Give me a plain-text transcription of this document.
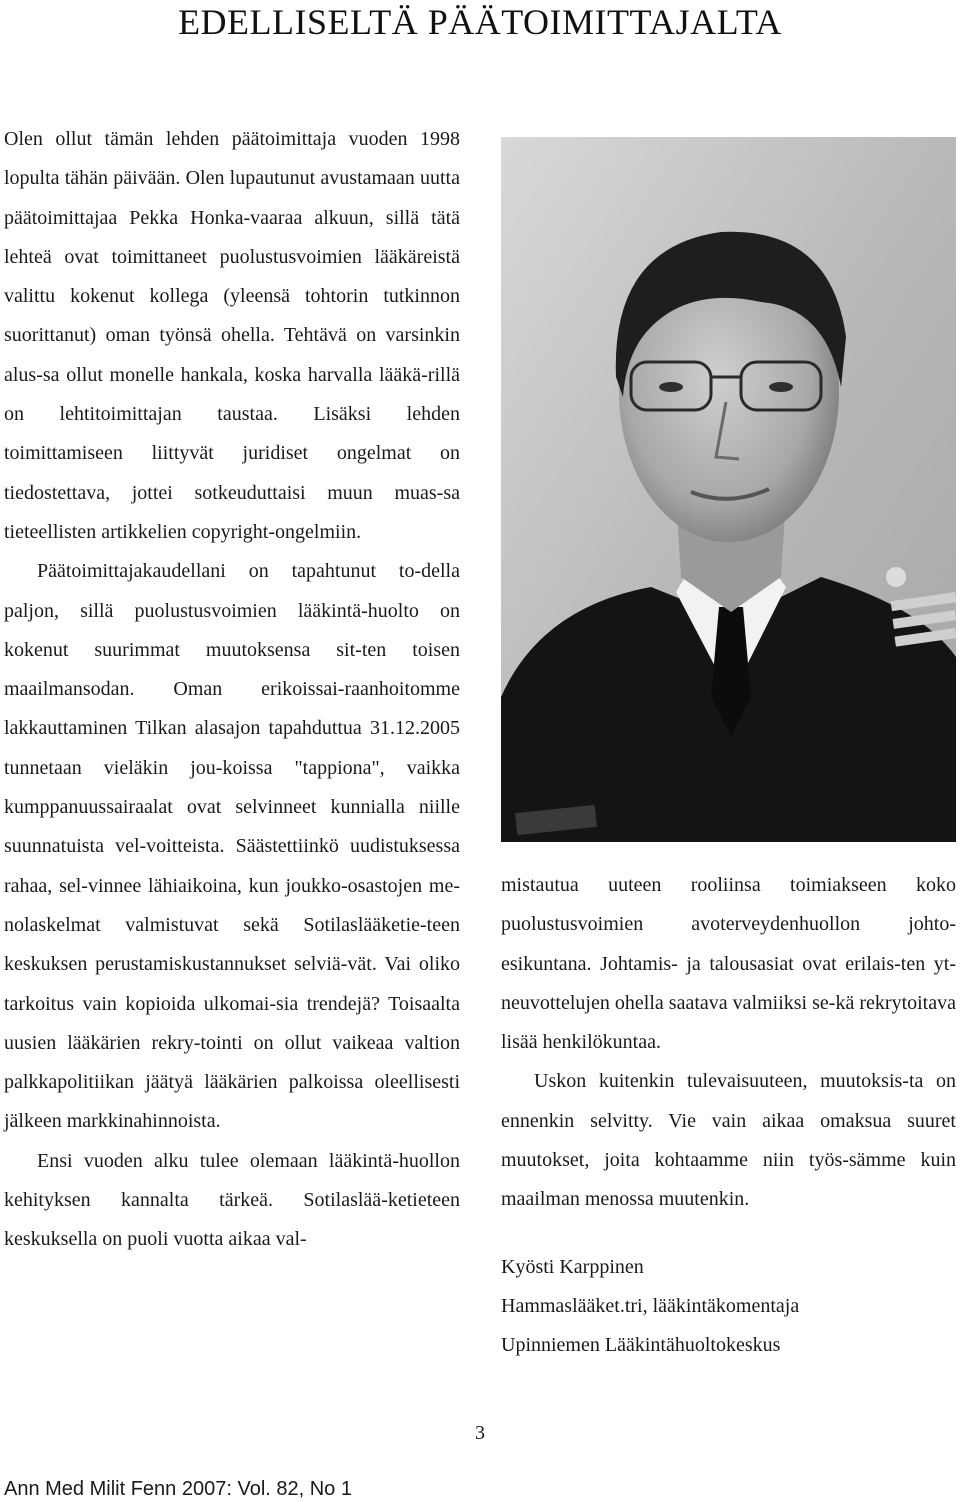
EDELLISELTÄ PÄÄTOIMITTAJALTA

Olen ollut tämän lehden päätoimittaja vuoden 1998 lopulta tähän päivään. Olen lupautunut avustamaan uutta päätoimittajaa Pekka Honka-vaaraa alkuun, sillä tätä lehteä ovat toimittaneet puolustusvoimien lääkäreistä valittu kokenut kollega (yleensä tohtorin tutkinnon suorittanut) oman työnsä ohella. Tehtävä on varsinkin alus-sa ollut monelle hankala, koska harvalla lääkä-rillä on lehtitoimittajan taustaa. Lisäksi lehden toimittamiseen liittyvät juridiset ongelmat on tiedostettava, jottei sotkeuduttaisi muun muas-sa tieteellisten artikkelien copyright-ongelmiin.

Päätoimittajakaudellani on tapahtunut to-della paljon, sillä puolustusvoimien lääkintä-huolto on kokenut suurimmat muutoksensa sit-ten toisen maailmansodan. Oman erikoissai-raanhoitomme lakkauttaminen Tilkan alasajon tapahduttua 31.12.2005 tunnetaan vieläkin jou-koissa "tappiona", vaikka kumppanuussairaalat ovat selvinneet kunnialla niille suunnatuista vel-voitteista. Säästettiinkö uudistuksessa rahaa, sel-vinnee lähiaikoina, kun joukko-osastojen me-nolaskelmat valmistuvat sekä Sotilaslääketie-teen keskuksen perustamiskustannukset selviä-vät. Vai oliko tarkoitus vain kopioida ulkomai-sia trendejä? Toisaalta uusien lääkärien rekry-tointi on ollut vaikeaa valtion palkkapolitiikan jäätyä lääkärien palkoissa oleellisesti jälkeen markkinahinnoista.

Ensi vuoden alku tulee olemaan lääkintä-huollon kehityksen kannalta tärkeä. Sotilaslää-ketieteen keskuksella on puoli vuotta aikaa val-

mistautua uuteen rooliinsa toimiakseen koko puolustusvoimien avoterveydenhuollon johto-esikuntana. Johtamis- ja talousasiat ovat erilais-ten yt-neuvottelujen ohella saatava valmiiksi se-kä rekrytoitava lisää henkilökuntaa.

Uskon kuitenkin tulevaisuuteen, muutoksis-ta on ennenkin selvitty. Vie vain aikaa omaksua suuret muutokset, joita kohtaamme niin työs-sämme kuin maailman menossa muutenkin.

Kyösti Karppinen
Hammaslääket.tri, lääkintäkomentaja
Upinniemen Lääkintähuoltokeskus
3
Ann Med Milit Fenn 2007: Vol. 82, No 1
